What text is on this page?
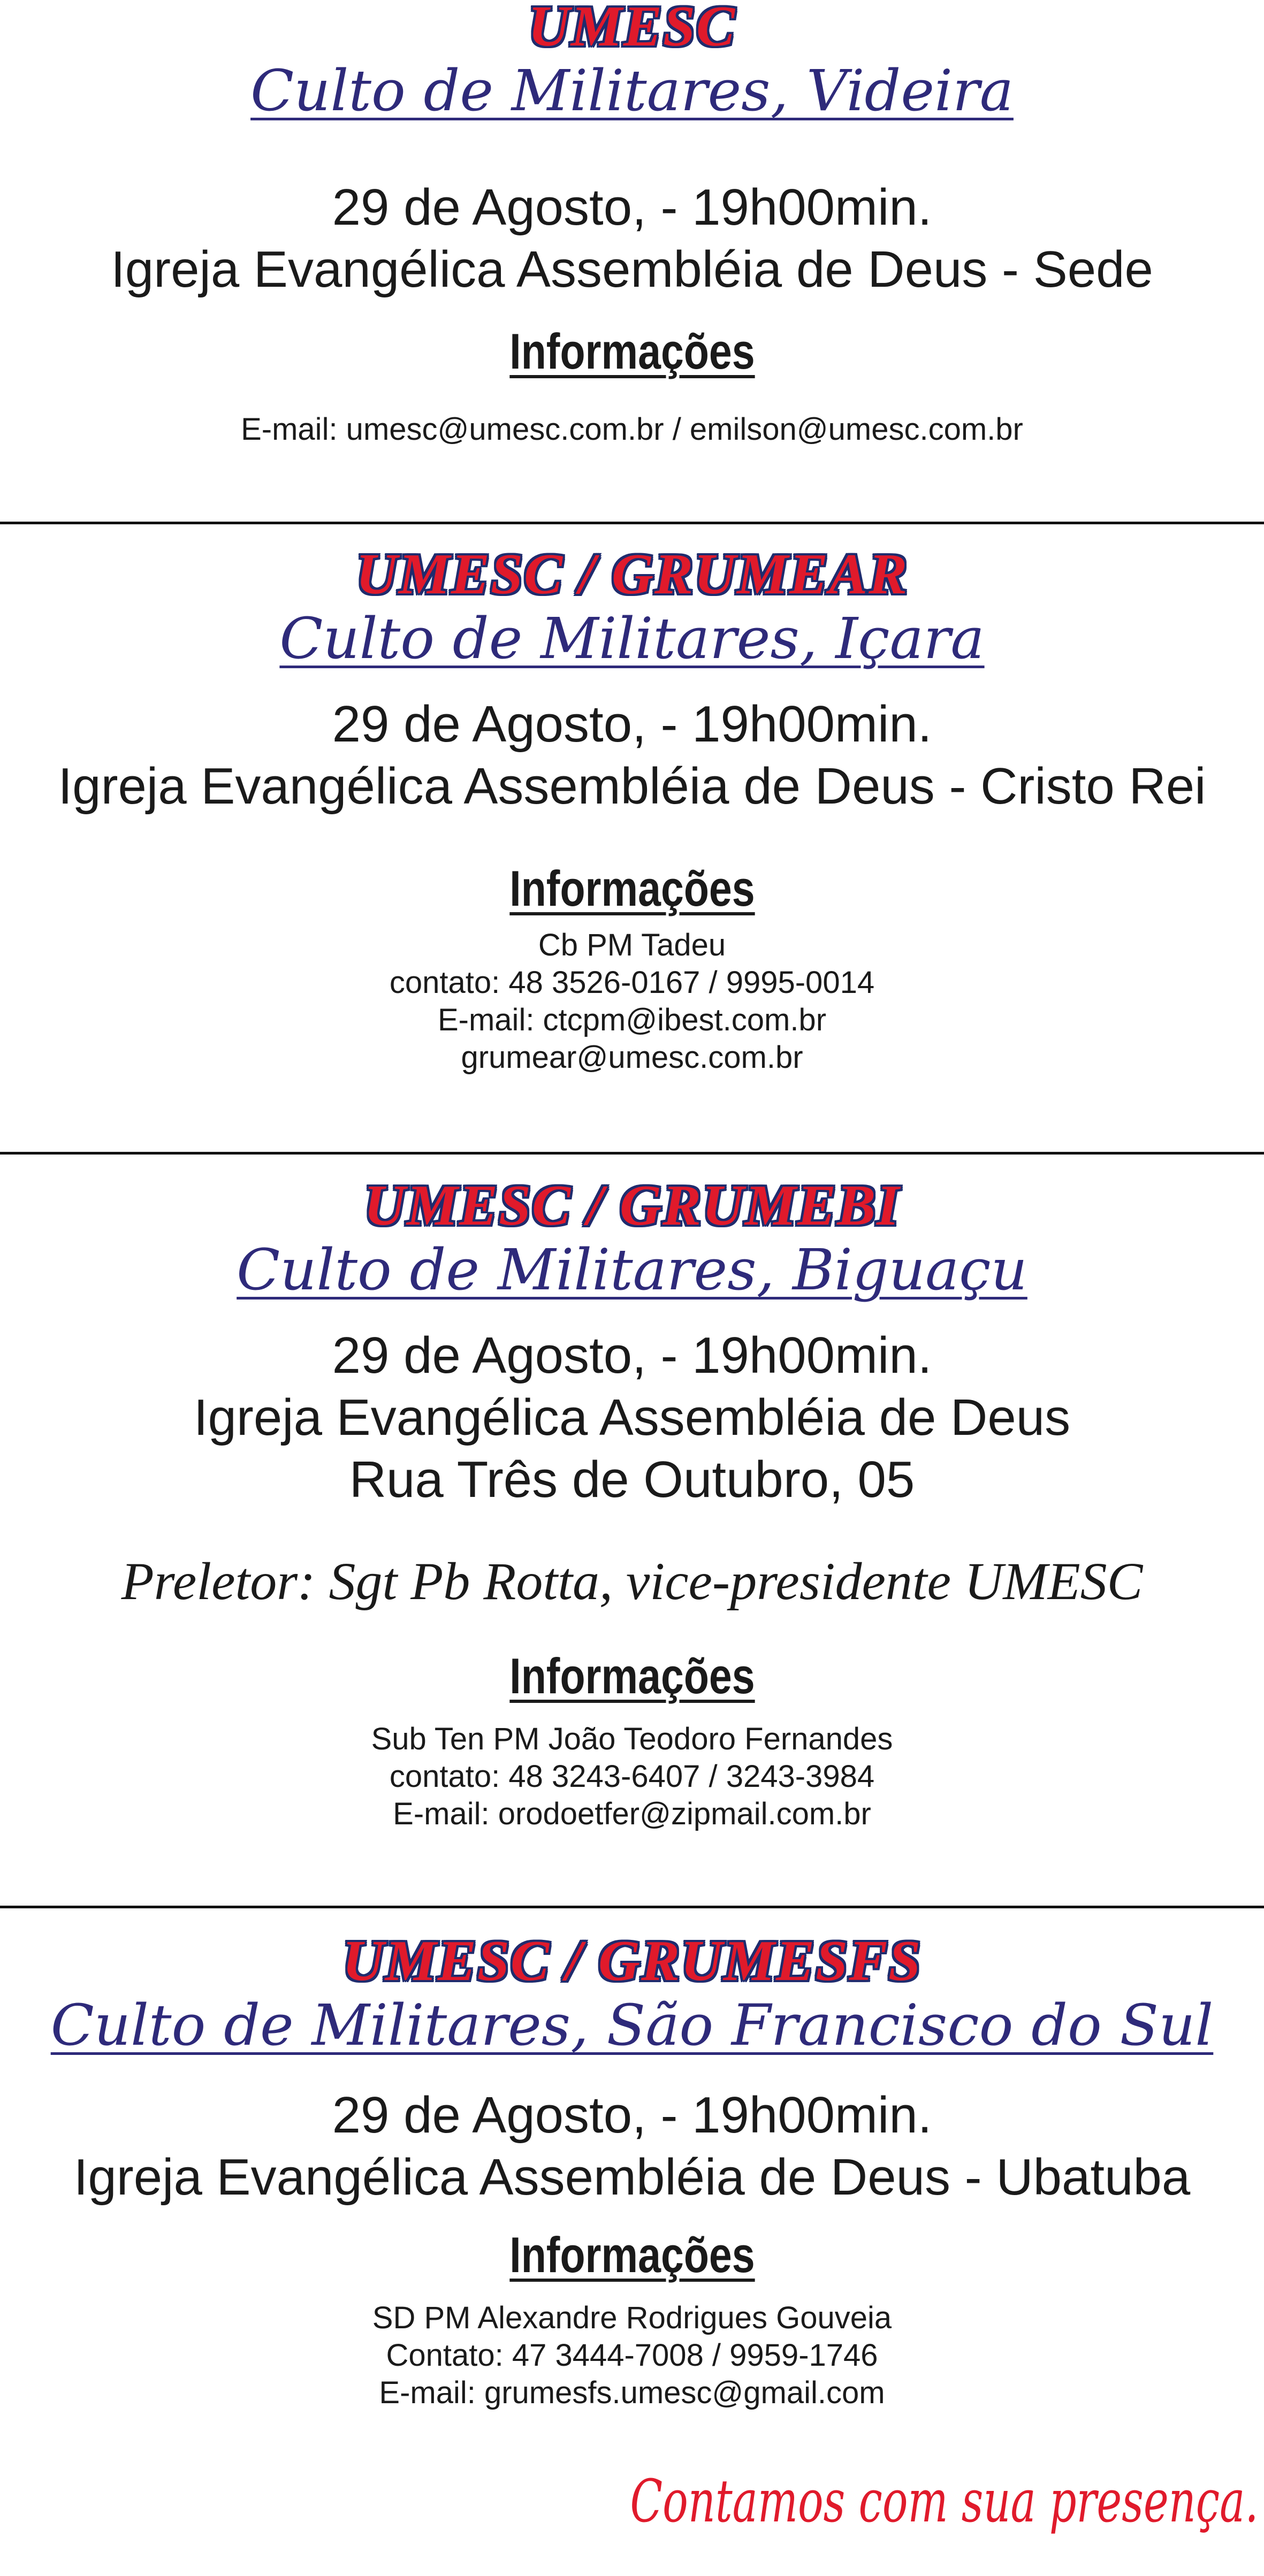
UMESC

Culto de Militares, Videira

29 de Agosto, - 19h00min.

Igreja Evangélica Assembléia de Deus - Sede

Informações

E-mail: umesc@umesc.com.br / emilson@umesc.com.br

UMESC / GRUMEAR

Culto de Militares, Içara

29 de Agosto, - 19h00min.

Igreja Evangélica Assembléia de Deus - Cristo Rei

Informações

Cb PM Tadeu

contato: 48 3526-0167 / 9995-0014

E-mail: ctcpm@ibest.com.br

grumear@umesc.com.br

UMESC / GRUMEBI

Culto de Militares, Biguaçu

29 de Agosto, - 19h00min.

Igreja Evangélica Assembléia de Deus

Rua Três de Outubro, 05

Preletor: Sgt Pb Rotta, vice-presidente UMESC

Informações

Sub Ten PM João Teodoro Fernandes

contato: 48 3243-6407 / 3243-3984

E-mail: orodoetfer@zipmail.com.br

UMESC / GRUMESFS

Culto de Militares, São Francisco do Sul

29 de Agosto, - 19h00min.

Igreja Evangélica Assembléia de Deus - Ubatuba

Informações

SD PM Alexandre Rodrigues Gouveia

Contato: 47 3444-7008 / 9959-1746

E-mail: grumesfs.umesc@gmail.com

Contamos com sua presença.
